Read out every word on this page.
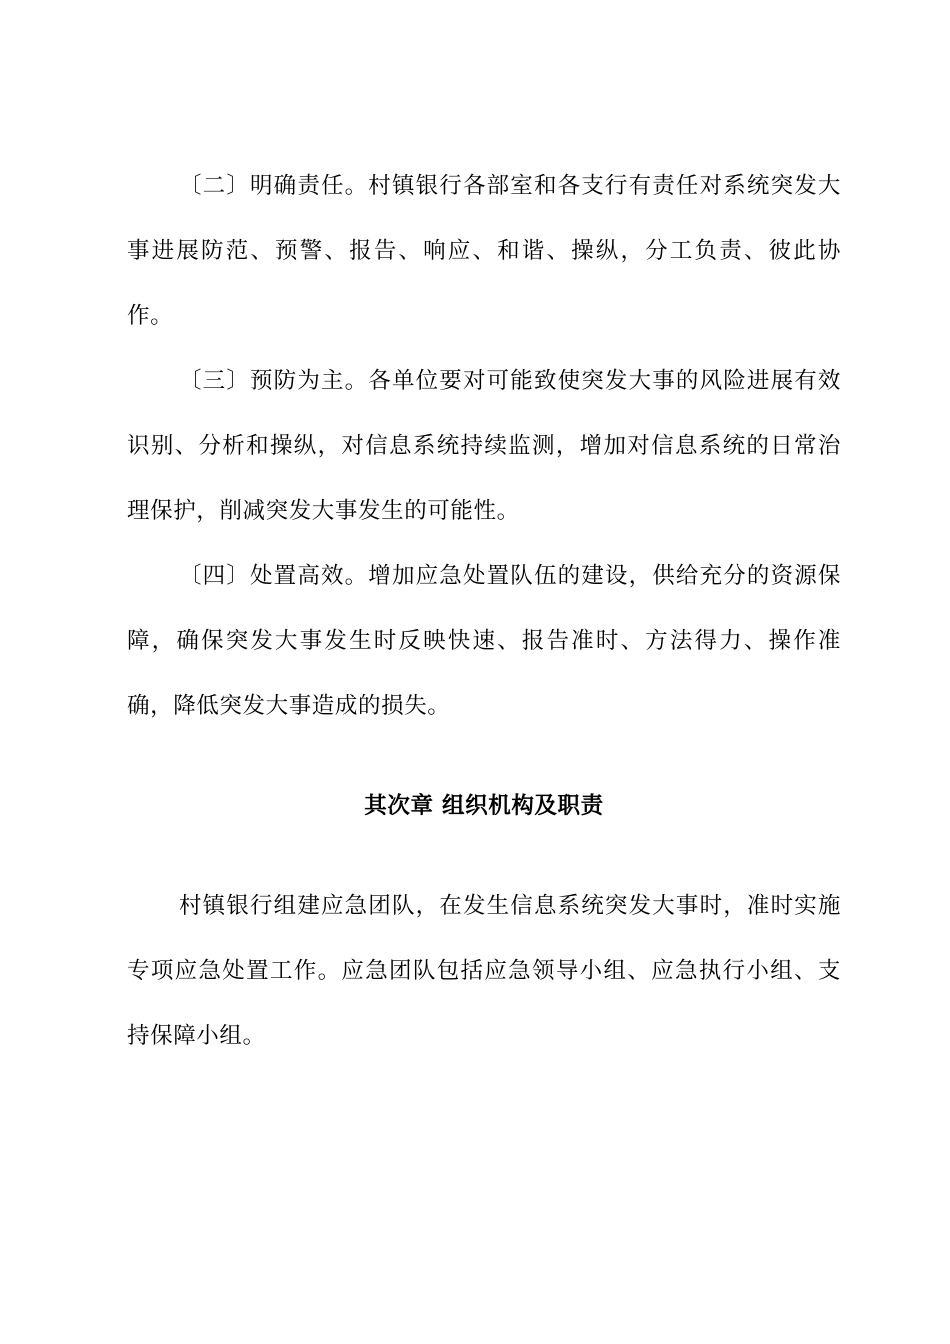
〔二〕明确责任。村镇银行各部室和各支行有责任对系统突发大事进展防范、预警、报告、响应、和谐、操纵，分工负责、彼此协作。

〔三〕预防为主。各单位要对可能致使突发大事的风险进展有效识别、分析和操纵，对信息系统持续监测，增加对信息系统的日常治理保护，削减突发大事发生的可能性。

〔四〕处置高效。增加应急处置队伍的建设，供给充分的资源保障，确保突发大事发生时反映快速、报告准时、方法得力、操作准确，降低突发大事造成的损失。

其次章 组织机构及职责

村镇银行组建应急团队，在发生信息系统突发大事时，准时实施专项应急处置工作。应急团队包括应急领导小组、应急执行小组、支持保障小组。
